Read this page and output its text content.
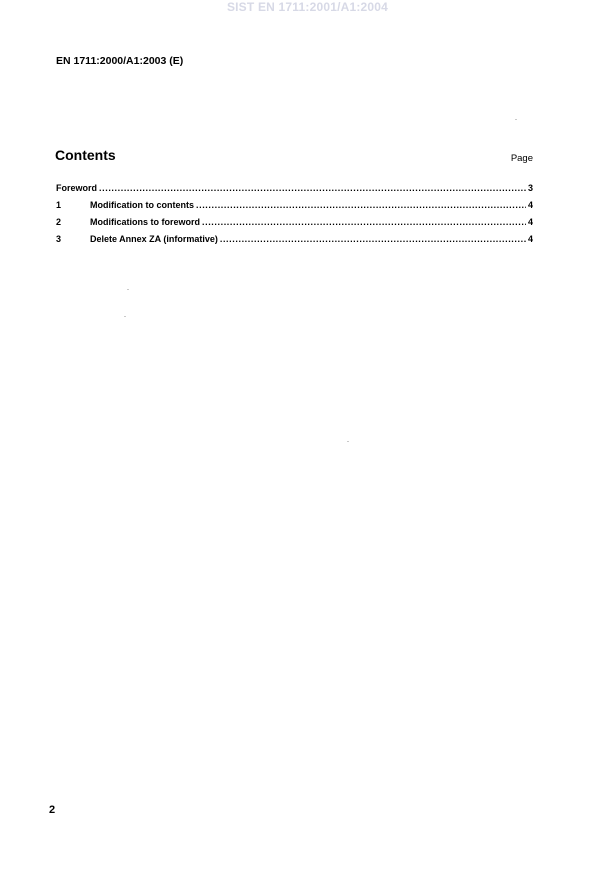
SIST EN 1711:2001/A1:2004
EN 1711:2000/A1:2003 (E)
Contents	Page
Foreword .....	3
1	Modification to contents .....	4
2	Modifications to foreword .....	4
3	Delete Annex ZA (informative) .....	4
2
